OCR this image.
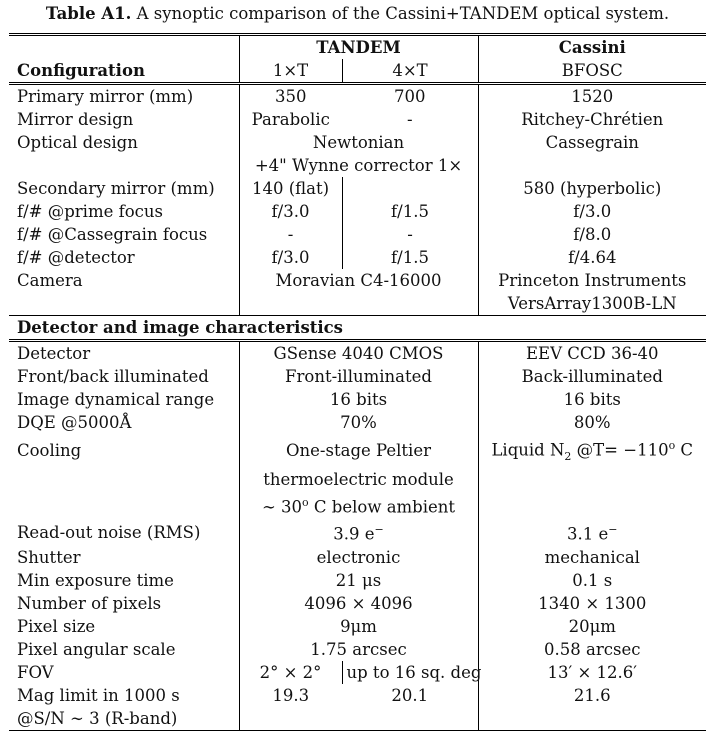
Table A1. A synoptic comparison of the Cassini+TANDEM optical system.
	TANDEM		Cassini
Configuration	1×T	4×T	BFOSC
Primary mirror (mm)	350	700	1520
Mirror design	Parabolic	-	Ritchey-Chrétien
Optical design	Newtonian		Cassegrain
	+4" Wynne corrector 1×		
Secondary mirror (mm)	140 (flat)		580 (hyperbolic)
f/# @prime focus	f/3.0	f/1.5	f/3.0
f/# @Cassegrain focus	-	-	f/8.0
f/# @detector	f/3.0	f/1.5	f/4.64
Camera	Moravian C4-16000		Princeton Instruments
			VersArray1300B-LN
Detector and image characteristics			
Detector	GSense 4040 CMOS		EEV CCD 36-40
Front/back illuminated	Front-illuminated		Back-illuminated
Image dynamical range	16 bits		16 bits
DQE @5000Å	70%		80%
Cooling	One-stage Peltier		Liquid $N_2$ @T= $-110^o$ C
	thermoelectric module		
	∼ 30$^o$ C below ambient		
Read-out noise (RMS)	3.9 e−		3.1 e−
Shutter	electronic		mechanical
Min exposure time	21 μs		0.1 s
Number of pixels	4096 × 4096		1340 × 1300
Pixel size	9μm		20μm
Pixel angular scale	1.75 arcsec		0.58 arcsec
FOV	2° × 2°	up to 16 sq. deg	13′ × 12.6′
Mag limit in 1000 s	19.3	20.1	21.6
@S/N ∼ 3 (R-band)			
